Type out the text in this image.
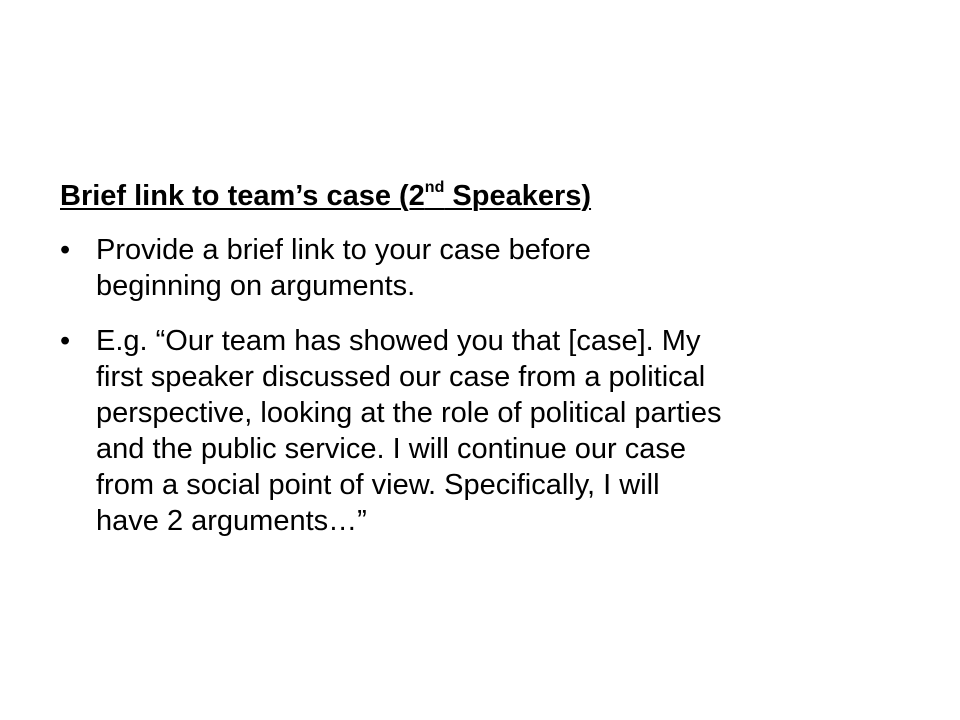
Brief link to team’s case (2nd Speakers)
• Provide a brief link to your case before
beginning on arguments.
• E.g. “Our team has showed you that [case]. My
first speaker discussed our case from a political
perspective, looking at the role of political parties
and the public service. I will continue our case
from a social point of view. Specifically, I will
have 2 arguments…”
